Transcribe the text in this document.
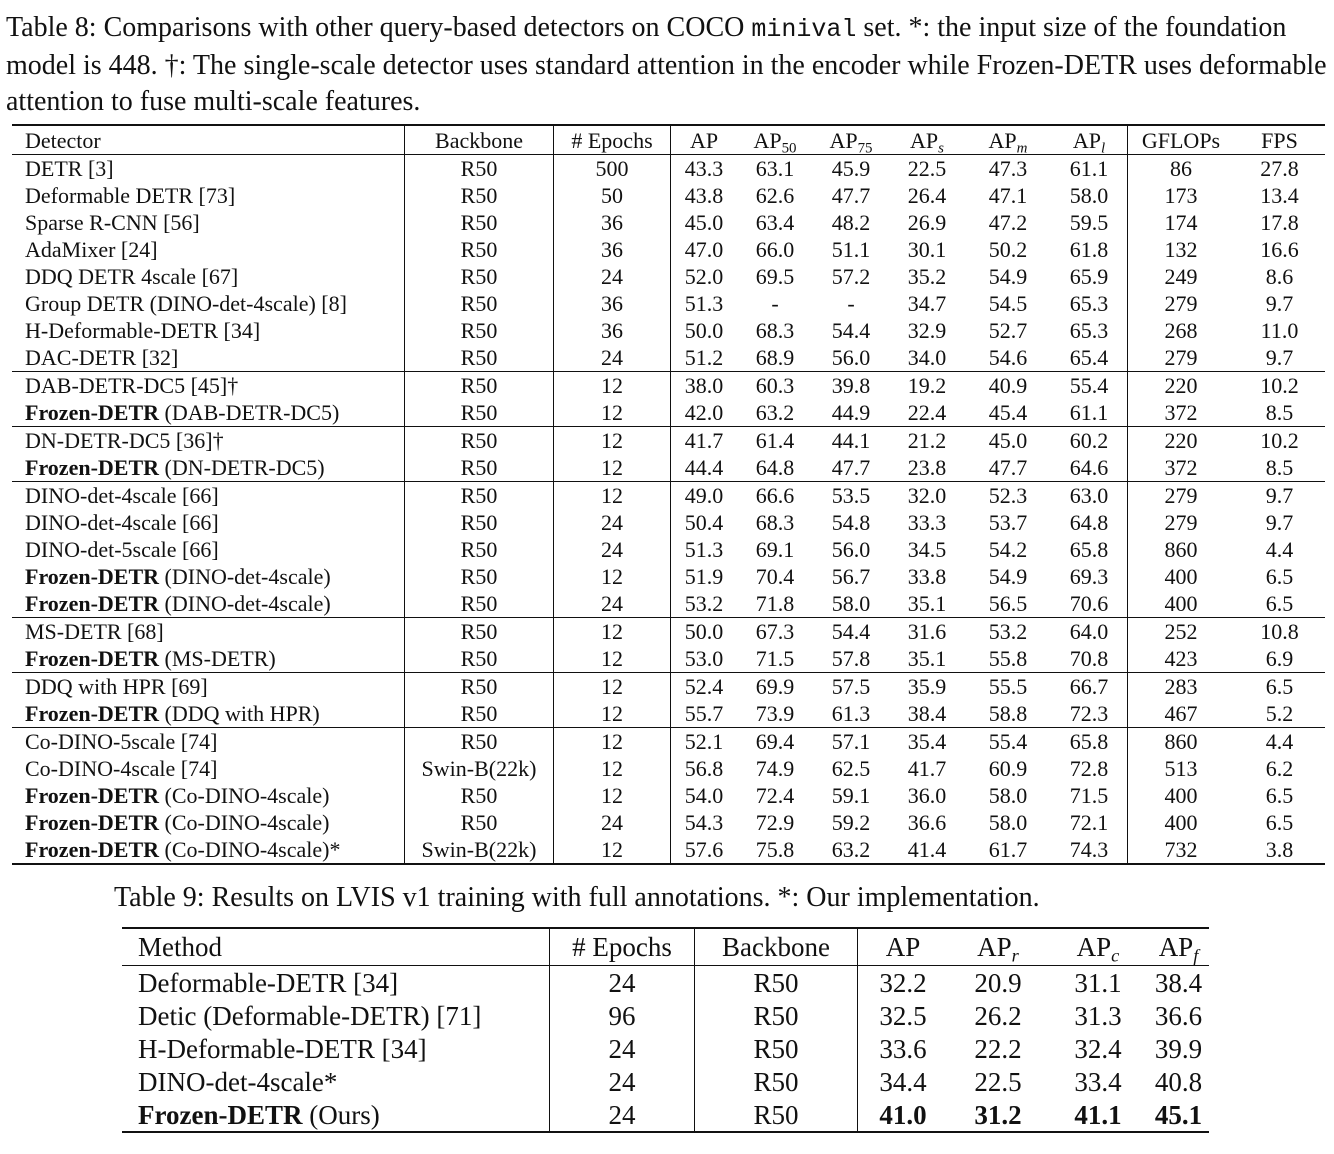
Table 8: Comparisons with other query-based detectors on COCO minival set. *: the input size of the foundation model is 448. †: The single-scale detector uses standard attention in the encoder while Frozen-DETR uses deformable attention to fuse multi-scale features.
Detector	Backbone	# Epochs	AP	$AP_{50}$	$AP_{75}$	$AP_s$	$AP_m$	$AP_l$	GFLOPs	FPS
DETR [3]	R50	500	43.3	63.1	45.9	22.5	47.3	61.1	86	27.8
Deformable DETR [73]	R50	50	43.8	62.6	47.7	26.4	47.1	58.0	173	13.4
Sparse R-CNN [56]	R50	36	45.0	63.4	48.2	26.9	47.2	59.5	174	17.8
AdaMixer [24]	R50	36	47.0	66.0	51.1	30.1	50.2	61.8	132	16.6
DDQ DETR 4scale [67]	R50	24	52.0	69.5	57.2	35.2	54.9	65.9	249	8.6
Group DETR (DINO-det-4scale) [8]	R50	36	51.3	-	-	34.7	54.5	65.3	279	9.7
H-Deformable-DETR [34]	R50	36	50.0	68.3	54.4	32.9	52.7	65.3	268	11.0
DAC-DETR [32]	R50	24	51.2	68.9	56.0	34.0	54.6	65.4	279	9.7
DAB-DETR-DC5 [45]†	R50	12	38.0	60.3	39.8	19.2	40.9	55.4	220	10.2
Frozen-DETR (DAB-DETR-DC5)	R50	12	42.0	63.2	44.9	22.4	45.4	61.1	372	8.5
DN-DETR-DC5 [36]†	R50	12	41.7	61.4	44.1	21.2	45.0	60.2	220	10.2
Frozen-DETR (DN-DETR-DC5)	R50	12	44.4	64.8	47.7	23.8	47.7	64.6	372	8.5
DINO-det-4scale [66]	R50	12	49.0	66.6	53.5	32.0	52.3	63.0	279	9.7
DINO-det-4scale [66]	R50	24	50.4	68.3	54.8	33.3	53.7	64.8	279	9.7
DINO-det-5scale [66]	R50	24	51.3	69.1	56.0	34.5	54.2	65.8	860	4.4
Frozen-DETR (DINO-det-4scale)	R50	12	51.9	70.4	56.7	33.8	54.9	69.3	400	6.5
Frozen-DETR (DINO-det-4scale)	R50	24	53.2	71.8	58.0	35.1	56.5	70.6	400	6.5
MS-DETR [68]	R50	12	50.0	67.3	54.4	31.6	53.2	64.0	252	10.8
Frozen-DETR (MS-DETR)	R50	12	53.0	71.5	57.8	35.1	55.8	70.8	423	6.9
DDQ with HPR [69]	R50	12	52.4	69.9	57.5	35.9	55.5	66.7	283	6.5
Frozen-DETR (DDQ with HPR)	R50	12	55.7	73.9	61.3	38.4	58.8	72.3	467	5.2
Co-DINO-5scale [74]	R50	12	52.1	69.4	57.1	35.4	55.4	65.8	860	4.4
Co-DINO-4scale [74]	Swin-B(22k)	12	56.8	74.9	62.5	41.7	60.9	72.8	513	6.2
Frozen-DETR (Co-DINO-4scale)	R50	12	54.0	72.4	59.1	36.0	58.0	71.5	400	6.5
Frozen-DETR (Co-DINO-4scale)	R50	24	54.3	72.9	59.2	36.6	58.0	72.1	400	6.5
Frozen-DETR (Co-DINO-4scale)*	Swin-B(22k)	12	57.6	75.8	63.2	41.4	61.7	74.3	732	3.8
Table 9: Results on LVIS v1 training with full annotations. *: Our implementation.
Method	# Epochs	Backbone	AP	$AP_r$	$AP_c$	$AP_f$
Deformable-DETR [34]	24	R50	32.2	20.9	31.1	38.4
Detic (Deformable-DETR) [71]	96	R50	32.5	26.2	31.3	36.6
H-Deformable-DETR [34]	24	R50	33.6	22.2	32.4	39.9
DINO-det-4scale*	24	R50	34.4	22.5	33.4	40.8
Frozen-DETR (Ours)	24	R50	41.0	31.2	41.1	45.1
